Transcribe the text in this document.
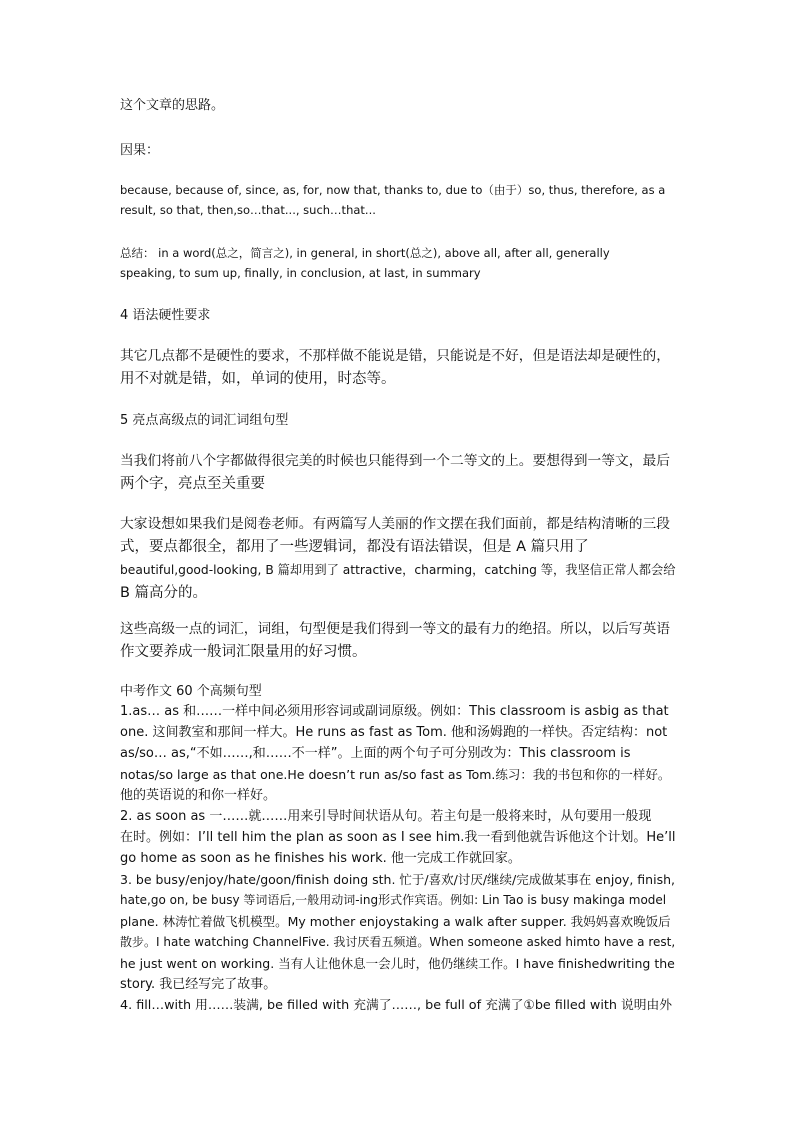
这个文章的思路。

因果：

because, because of, since, as, for, now that, thanks to, due to（由于）so, thus, therefore, as a
result, so that, then,so…that..., such…that...

总结： in a word(总之，简言之), in general, in short(总之), above all, after all, generally
speaking, to sum up, finally, in conclusion, at last, in summary

4 语法硬性要求

其它几点都不是硬性的要求，不那样做不能说是错，只能说是不好，但是语法却是硬性的，
用不对就是错，如，单词的使用，时态等。

5 亮点高级点的词汇词组句型

当我们将前八个字都做得很完美的时候也只能得到一个二等文的上。要想得到一等文，最后
两个字，亮点至关重要

大家设想如果我们是阅卷老师。有两篇写人美丽的作文摆在我们面前，都是结构清晰的三段
式，要点都很全，都用了一些逻辑词，都没有语法错误，但是 A 篇只用了
beautiful,good-looking, B 篇却用到了 attractive，charming，catching 等，我坚信正常人都会给
B 篇高分的。

这些高级一点的词汇，词组，句型便是我们得到一等文的最有力的绝招。所以，以后写英语
作文要养成一般词汇限量用的好习惯。

中考作文 60 个高频句型

1.as… as 和……一样中间必须用形容词或副词原级。例如：This classroom is asbig as that
one. 这间教室和那间一样大。He runs as fast as Tom. 他和汤姆跑的一样快。否定结构：not
as/so… as,“不如……,和……不一样”。上面的两个句子可分别改为：This classroom is
notas/so large as that one.He doesn’t run as/so fast as Tom.练习：我的书包和你的一样好。
他的英语说的和你一样好。
2. as soon as 一……就……用来引导时间状语从句。若主句是一般将来时，从句要用一般现
在时。例如：I’ll tell him the plan as soon as I see him.我一看到他就告诉他这个计划。He’ll
go home as soon as he finishes his work. 他一完成工作就回家。
3. be busy/enjoy/hate/goon/finish doing sth. 忙于/喜欢/讨厌/继续/完成做某事在 enjoy, finish,
hate,go on, be busy 等词语后,一般用动词-ing形式作宾语。例如: Lin Tao is busy makinga model
plane. 林涛忙着做飞机模型。My mother enjoystaking a walk after supper. 我妈妈喜欢晚饭后
散步。I hate watching ChannelFive. 我讨厌看五频道。When someone asked himto have a rest,
he just went on working. 当有人让他休息一会儿时，他仍继续工作。I have finishedwriting the
story. 我已经写完了故事。
4. fill…with 用……装满, be filled with 充满了……, be full of 充满了①be filled with 说明由外
